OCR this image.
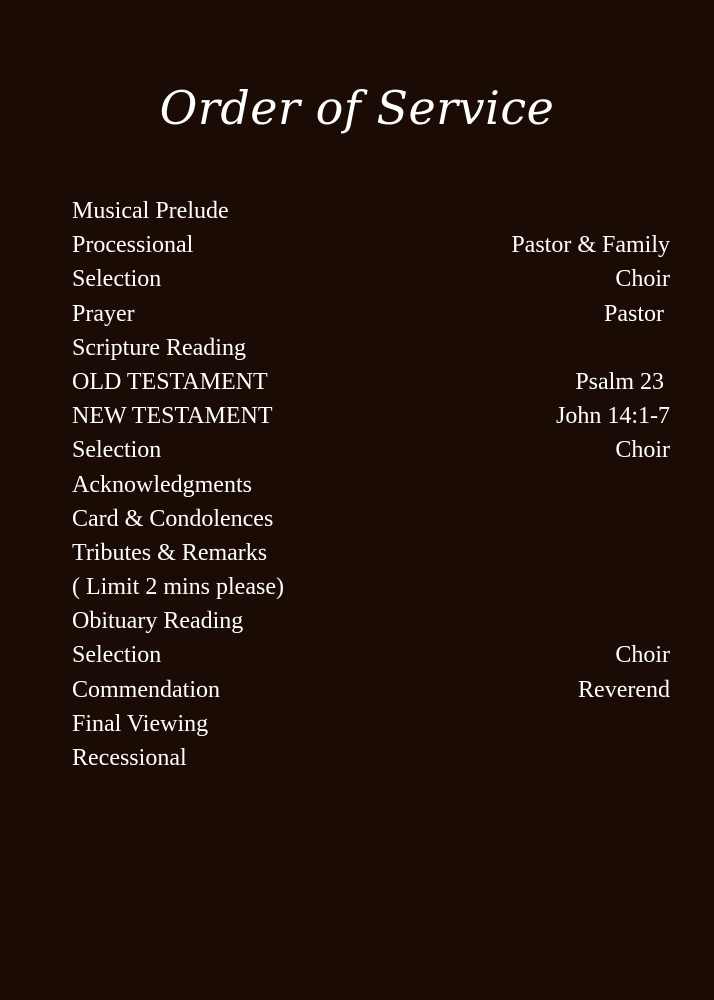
Order of Service
Musical Prelude
Processional	Pastor & Family
Selection	Choir
Prayer	Pastor
Scripture Reading
OLD TESTAMENT	Psalm 23
NEW TESTAMENT	John 14:1-7
Selection	Choir
Acknowledgments
Card & Condolences
Tributes & Remarks
( Limit 2 mins please)
Obituary Reading
Selection	Choir
Commendation	Reverend
Final Viewing
Recessional
